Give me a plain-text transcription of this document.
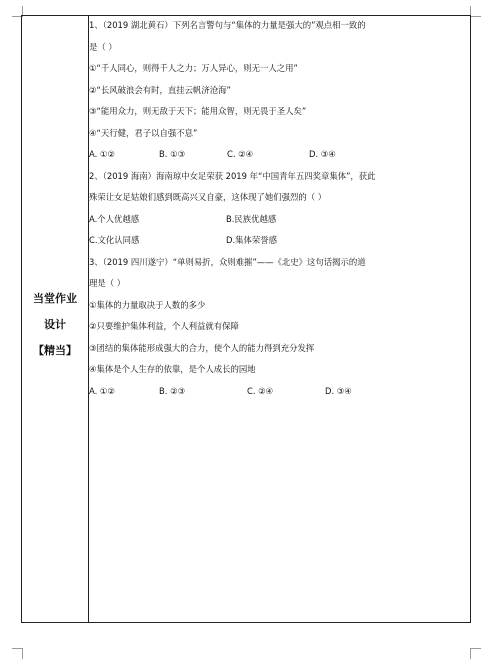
当堂作业
设计
【精当】
1、（2019 湖北黄石）下列名言警句与“集体的力量是强大的”观点相一致的
是（ ）
①“千人同心，则得千人之力；万人异心，则无一人之用”
②“长风破浪会有时，直挂云帆济沧海”
③“能用众力，则无敌于天下；能用众智，则无畏于圣人矣”
④“天行健，君子以自强不息”
A. ①②	B. ①③	C. ②④	D. ③④
2、（2019 海南）海南琼中女足荣获 2019 年“中国青年五四奖章集体”，获此
殊荣让女足姑娘们感到既高兴又自豪，这体现了她们强烈的（ ）
A.个人优越感	B.民族优越感
C.文化认同感	D.集体荣誉感
3、（2019 四川遂宁）“单则易折，众则难摧”——《北史》这句话揭示的道
理是（ ）
①集体的力量取决于人数的多少
②只要维护集体利益，个人利益就有保障
③团结的集体能形成强大的合力，使个人的能力得到充分发挥
④集体是个人生存的依靠，是个人成长的园地
A. ①②	B. ②③	C. ②④	D. ③④
